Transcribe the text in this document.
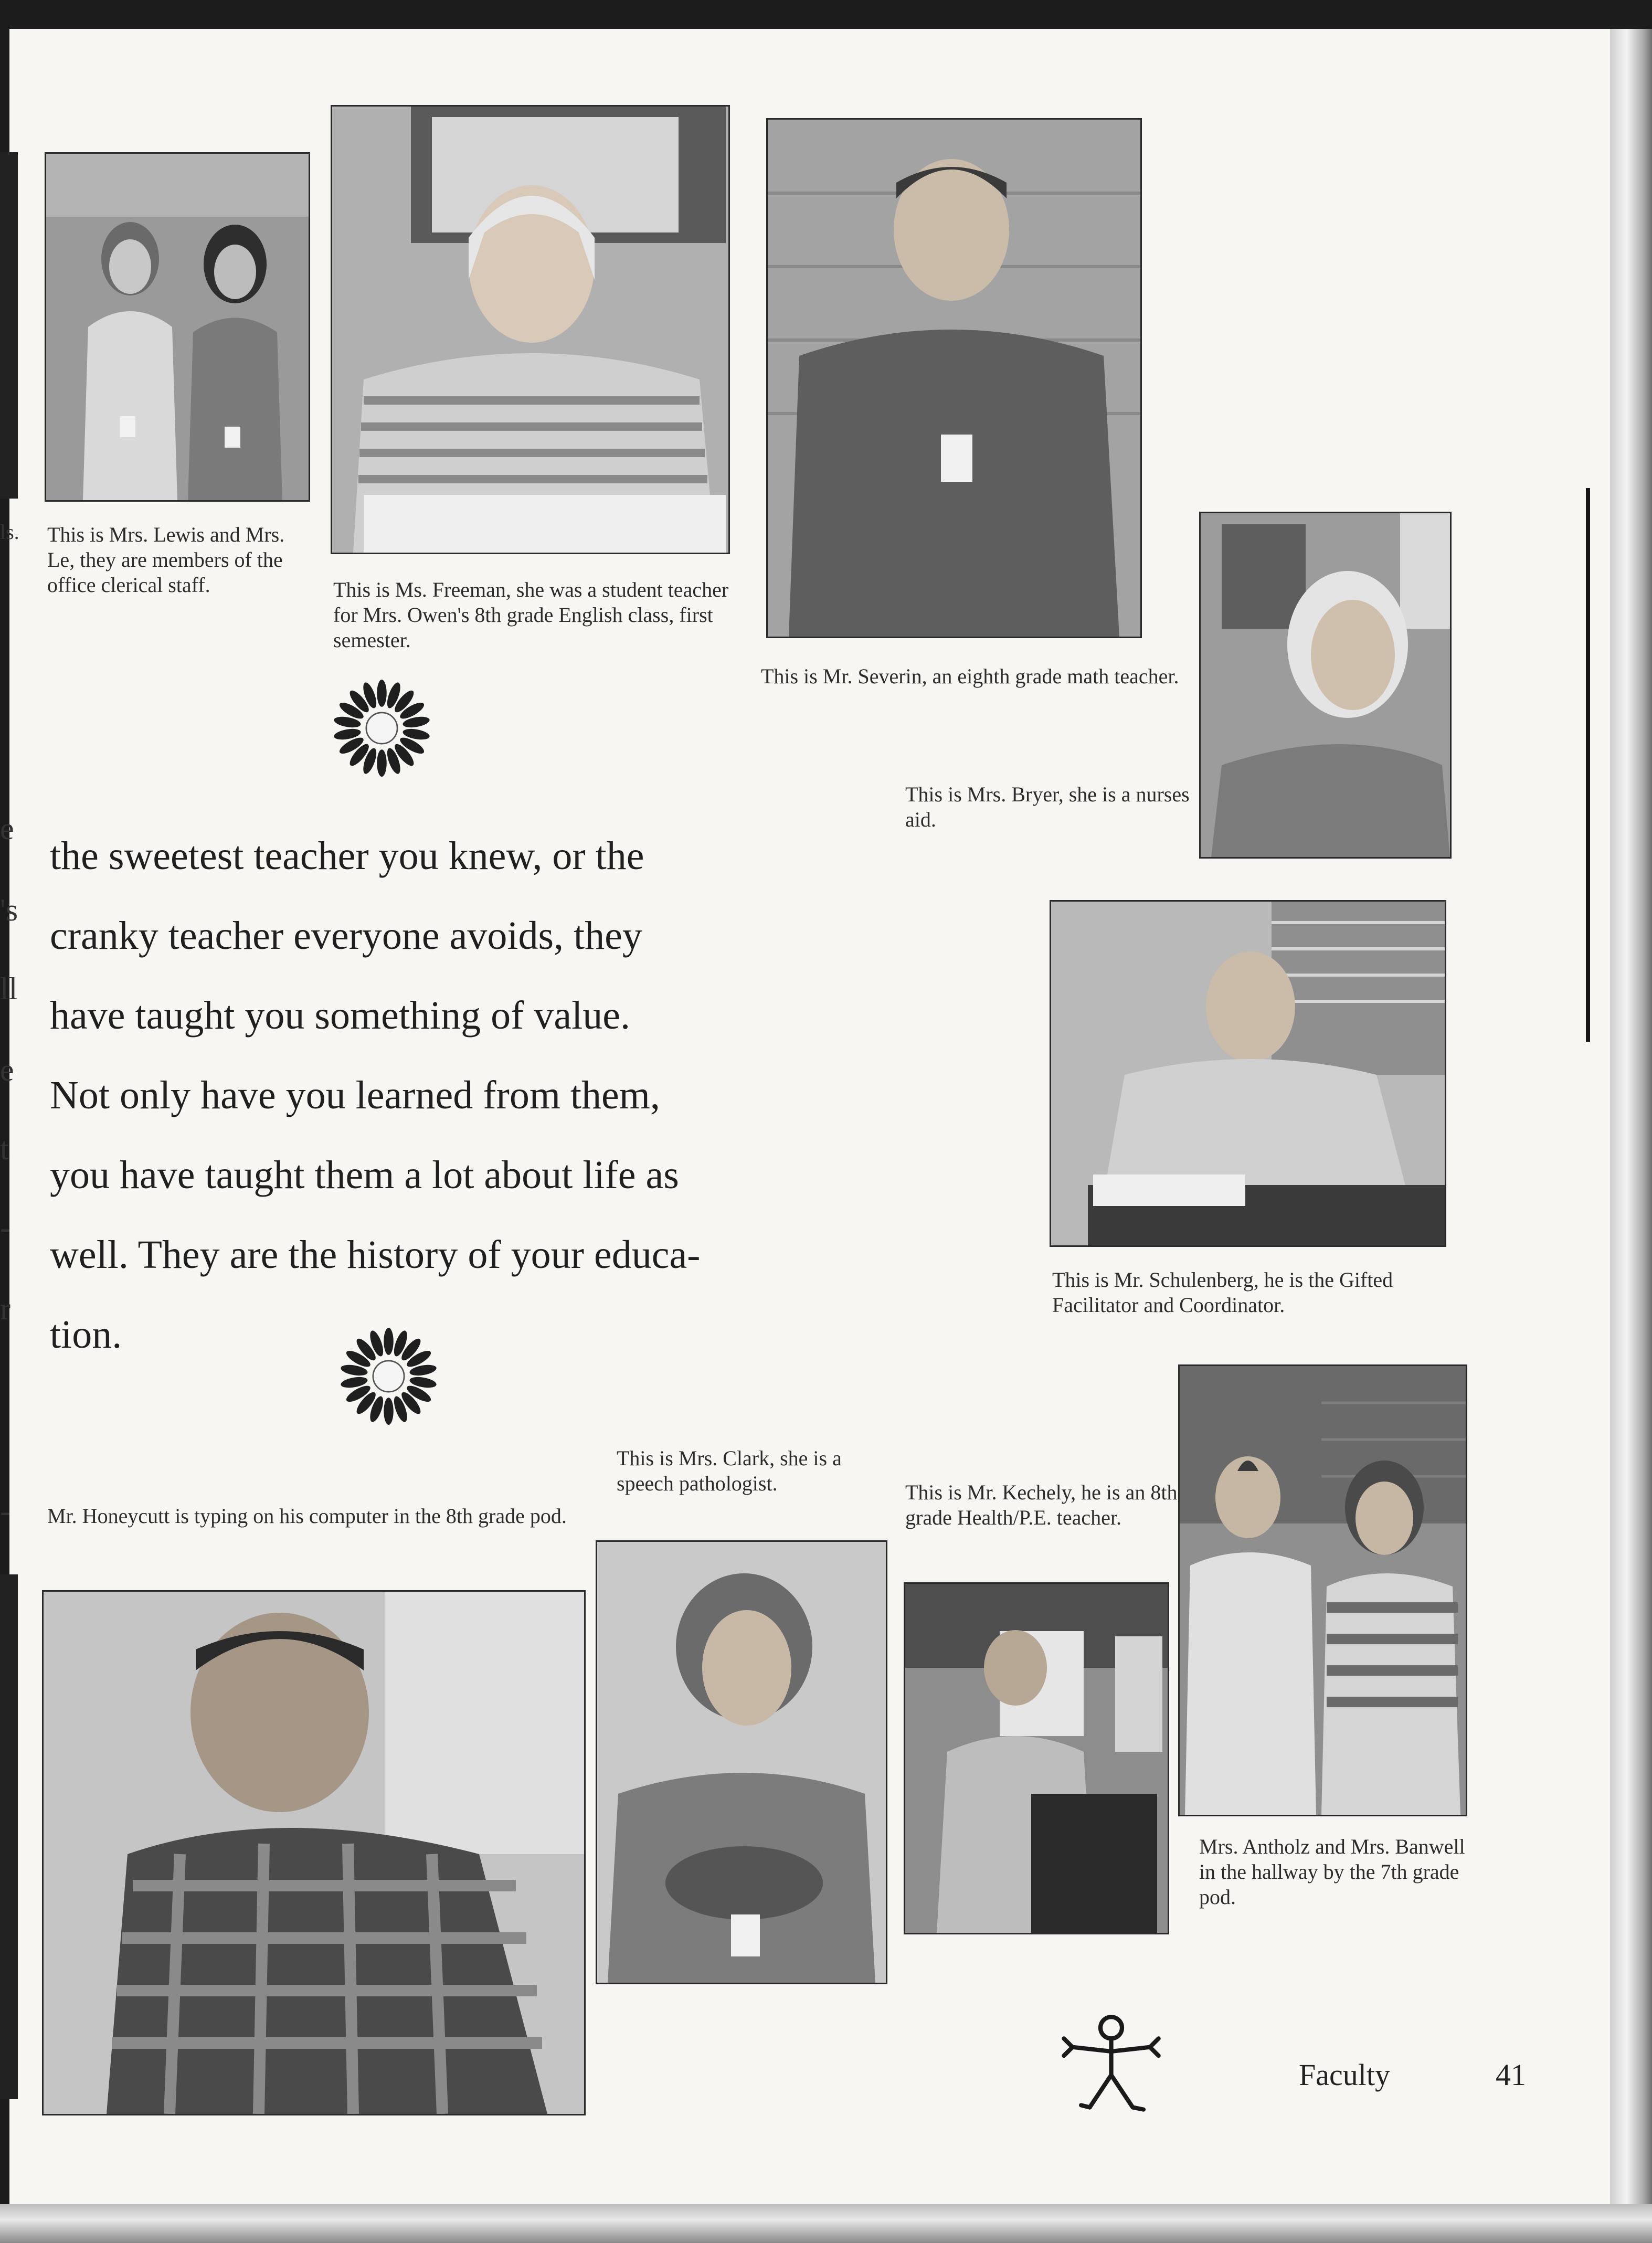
ls.
e
's
ll
e
t
-
r
-

This is Mrs. Lewis and Mrs. Le, they are members of the office clerical staff.	This is Ms. Freeman, she was a student teacher for Mrs. Owen's 8th grade English class, first semester.

This is Mr. Severin, an eighth grade math teacher.

This is Mrs. Bryer, she is a nurses aid.

This is Mr. Schulenberg, he is the Gifted Facilitator and Coordinator.

the sweetest teacher you knew, or the
cranky teacher everyone avoids, they
have taught you something of value.
Not only have you learned from them,
you have taught them a lot about life as
well. They are the history of your educa-
tion.

Mr. Honeycutt is typing on his computer in the 8th grade pod.

This is Mrs. Clark, she is a speech pathologist.	This is Mr. Kechely, he is an 8th grade Health/P.E. teacher.

Mrs. Antholz and Mrs. Banwell in the hallway by the 7th grade pod.

Faculty	41
